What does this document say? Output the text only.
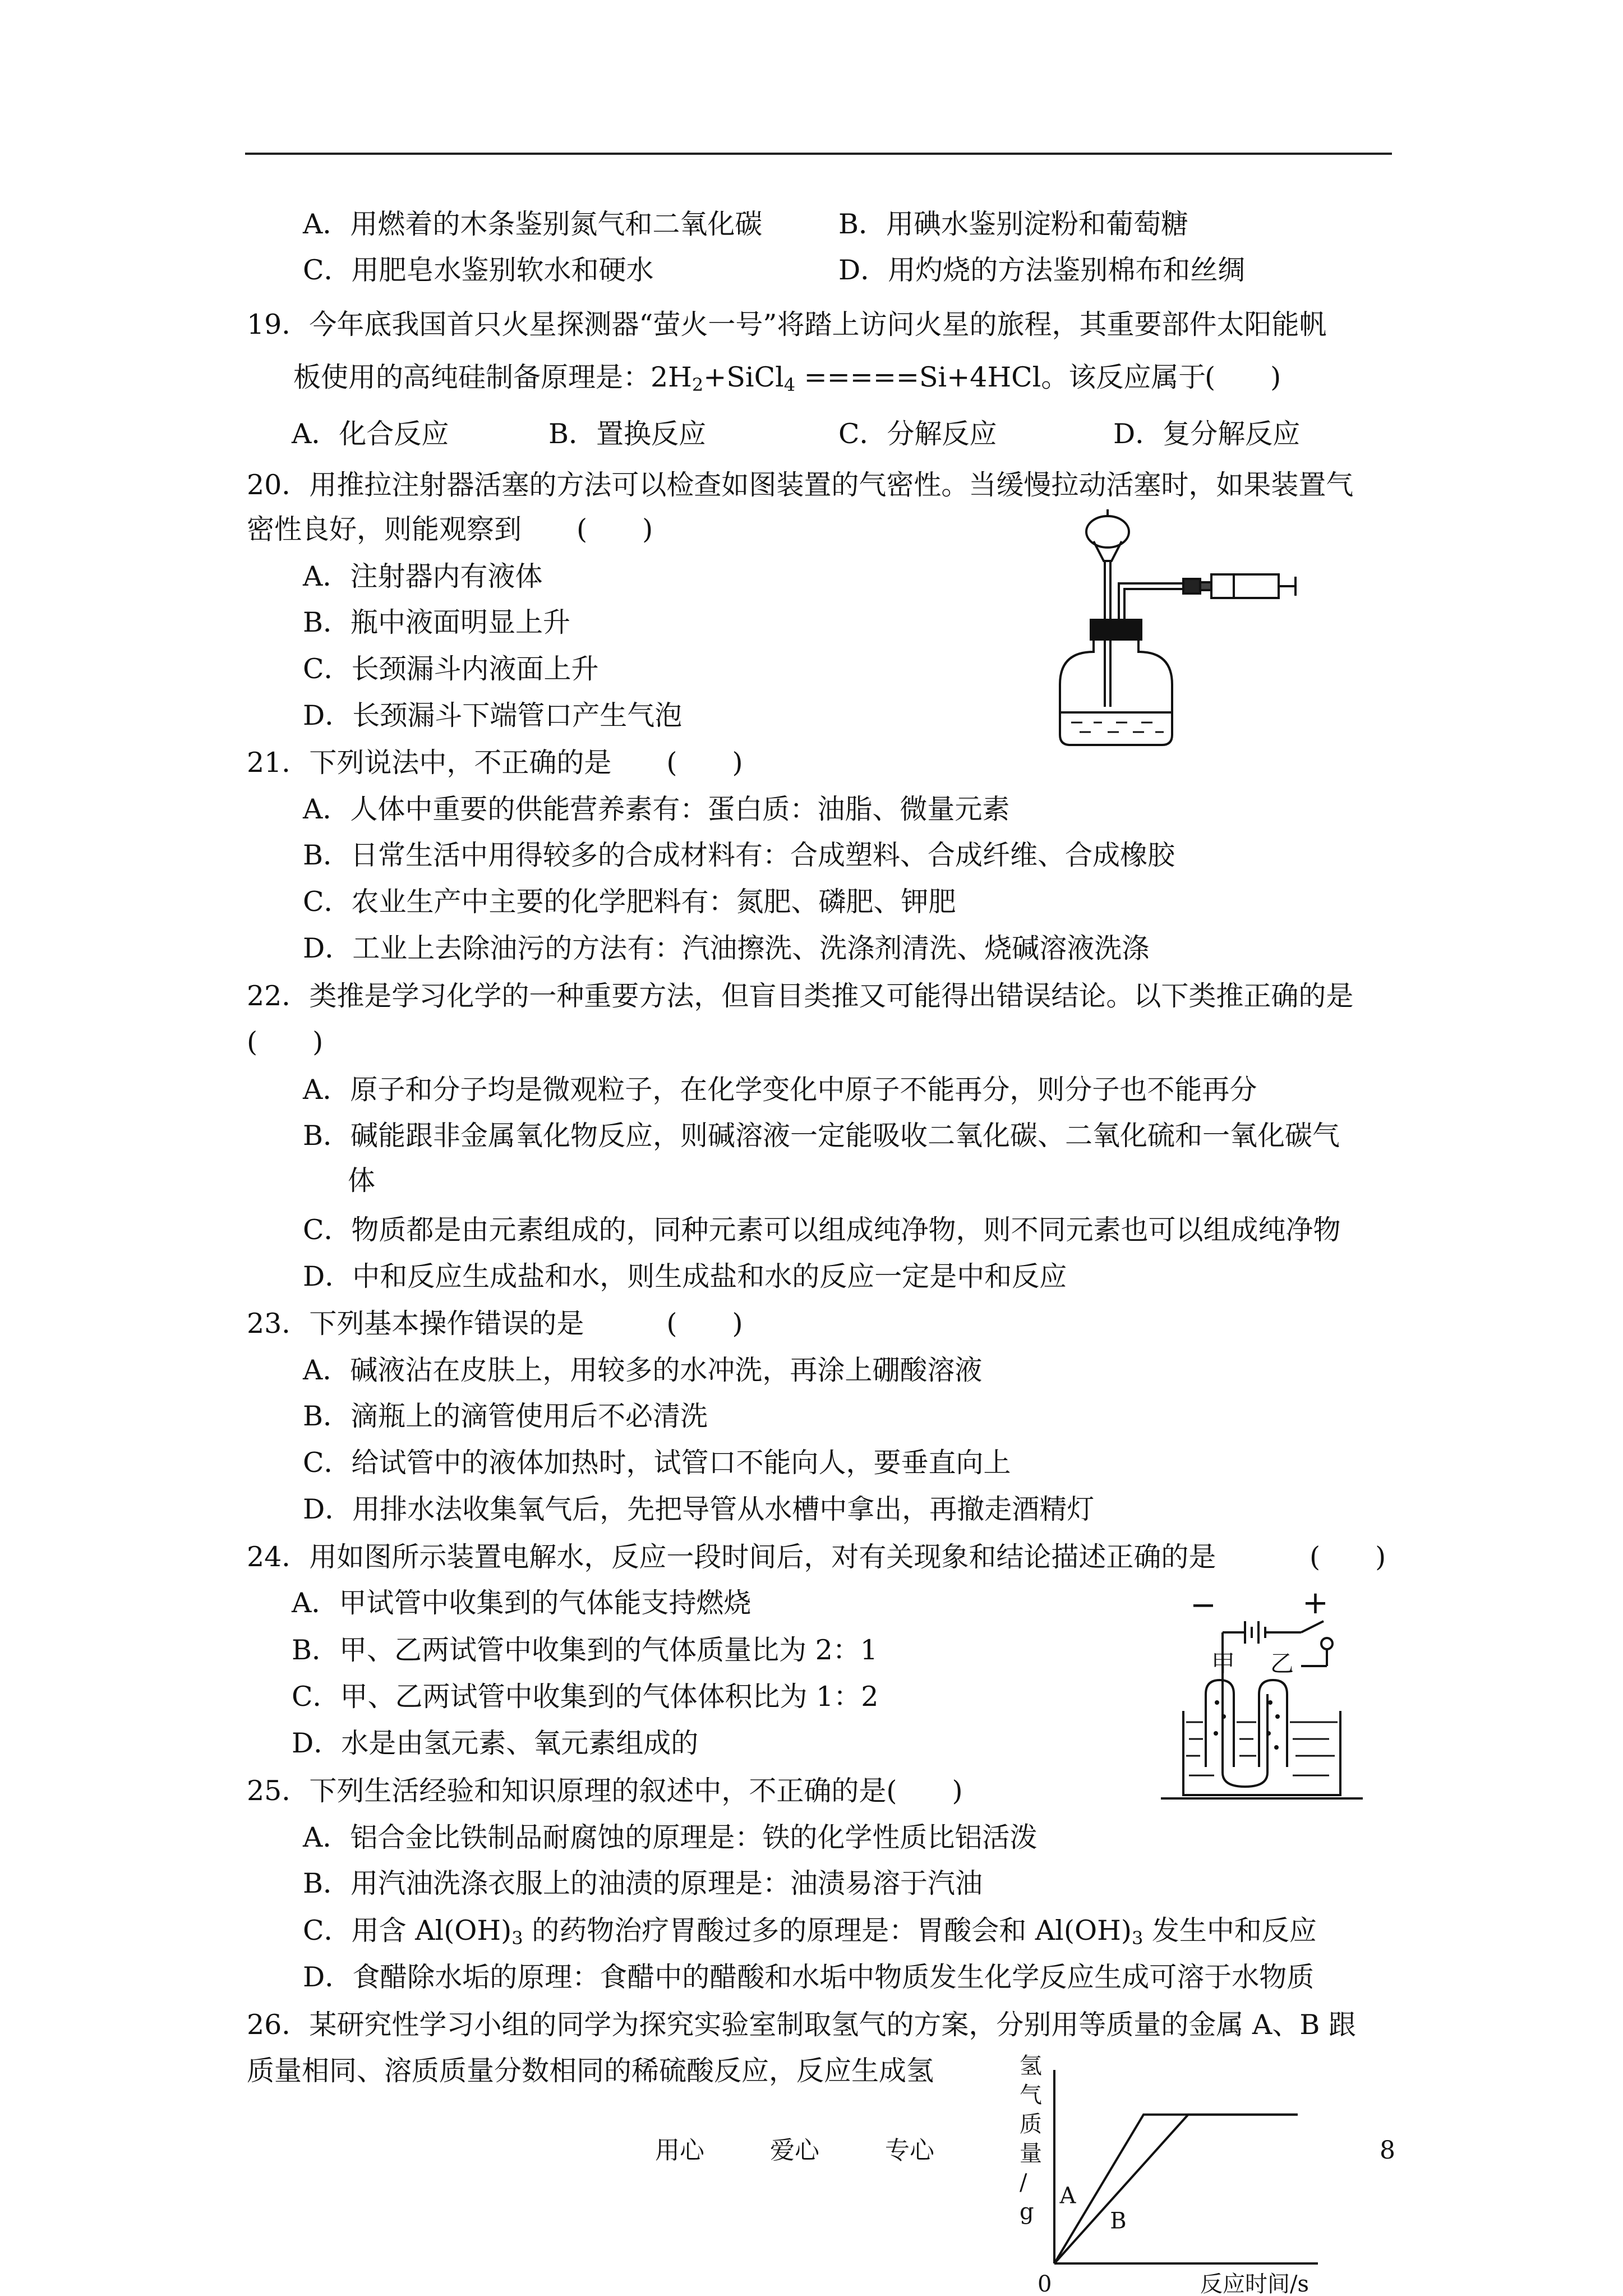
A．用燃着的木条鉴别氮气和二氧化碳	B．用碘水鉴别淀粉和葡萄糖
C．用肥皂水鉴别软水和硬水	D．用灼烧的方法鉴别棉布和丝绸
19．今年底我国首只火星探测器“萤火一号”将踏上访问火星的旅程，其重要部件太阳能帆
板使用的高纯硅制备原理是：$2H_2+SiCl_4 =====Si+4HCl$。该反应属于
(　　)
A．化合反应	B．置换反应	C．分解反应	D．复分解反应
20．用推拉注射器活塞的方法可以检查如图装置的气密性。当缓慢拉动活塞时，如果装置气
密性良好，则能观察到　　(　　)
A．注射器内有液体
B．瓶中液面明显上升
C．长颈漏斗内液面上升
D．长颈漏斗下端管口产生气泡
21．下列说法中，不正确的是　　(　　)
A．人体中重要的供能营养素有：蛋白质：油脂、微量元素
B．日常生活中用得较多的合成材料有：合成塑料、合成纤维、合成橡胶
C．农业生产中主要的化学肥料有：氮肥、磷肥、钾肥
D．工业上去除油污的方法有：汽油擦洗、洗涤剂清洗、烧碱溶液洗涤
22．类推是学习化学的一种重要方法，但盲目类推又可能得出错误结论。以下类推正确的是
(　　)
A．原子和分子均是微观粒子，在化学变化中原子不能再分，则分子也不能再分
B．碱能跟非金属氧化物反应，则碱溶液一定能吸收二氧化碳、二氧化硫和一氧化碳气
体
C．物质都是由元素组成的，同种元素可以组成纯净物，则不同元素也可以组成纯净物
D．中和反应生成盐和水，则生成盐和水的反应一定是中和反应
23．下列基本操作错误的是　　　(　　)
A．碱液沾在皮肤上，用较多的水冲洗，再涂上硼酸溶液
B．滴瓶上的滴管使用后不必清洗
C．给试管中的液体加热时，试管口不能向人，要垂直向上
D．用排水法收集氧气后，先把导管从水槽中拿出，再撤走酒精灯
24．用如图所示装置电解水，反应一段时间后，对有关现象和结论描述正确的是	(　　)
A．甲试管中收集到的气体能支持燃烧
B．甲、乙两试管中收集到的气体质量比为 2：1
C．甲、乙两试管中收集到的气体体积比为 1：2
D．水是由氢元素、氧元素组成的
−	+
甲 乙
25．下列生活经验和知识原理的叙述中，不正确的是(　　)
A．铝合金比铁制品耐腐蚀的原理是：铁的化学性质比铝活泼
B．用汽油洗涤衣服上的油渍的原理是：油渍易溶于汽油
C．用含 $Al(OH)_3$ 的药物治疗胃酸过多的原理是：胃酸会和 $Al(OH)_3$ 发生中和反应
D．食醋除水垢的原理：食醋中的醋酸和水垢中物质发生化学反应生成可溶于水物质
26．某研究性学习小组的同学为探究实验室制取氢气的方案，分别用等质量的金属 A、B 跟
质量相同、溶质质量分数相同的稀硫酸反应，反应生成氢	氢
气
质
量
/
g
反应时间/s
0
A
B
用心	爱心	专心	8
